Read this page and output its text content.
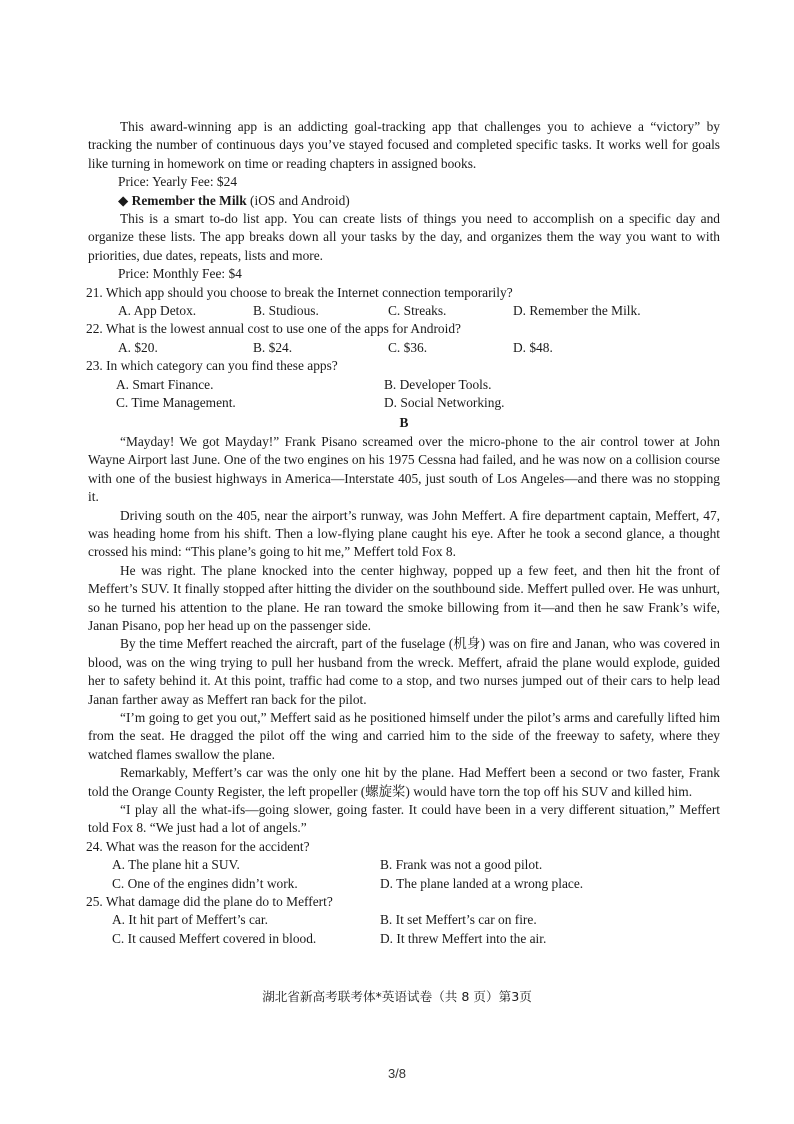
This award-winning app is an addicting goal-tracking app that challenges you to achieve a “victory” by tracking the number of continuous days you’ve stayed focused and completed specific tasks. It works well for goals like turning in homework on time or reading chapters in assigned books.

Price: Yearly Fee: $24

◆ Remember the Milk (iOS and Android)

This is a smart to-do list app. You can create lists of things you need to accomplish on a specific day and organize these lists. The app breaks down all your tasks by the day, and organizes them the way you want to with priorities, due dates, repeats, lists and more.

Price: Monthly Fee: $4

21. Which app should you choose to break the Internet connection temporarily?

A. App Detox.	B. Studious.	C. Streaks.	D. Remember the Milk.

22. What is the lowest annual cost to use one of the apps for Android?

A. $20.	B. $24.	C. $36.	D. $48.

23. In which category can you find these apps?

A. Smart Finance.	B. Developer Tools.
C. Time Management.	D. Social Networking.

B

“Mayday! We got Mayday!” Frank Pisano screamed over the micro-phone to the air control tower at John Wayne Airport last June. One of the two engines on his 1975 Cessna had failed, and he was now on a collision course with one of the busiest highways in America—Interstate 405, just south of Los Angeles—and there was no stopping it.

Driving south on the 405, near the airport’s runway, was John Meffert. A fire department captain, Meffert, 47, was heading home from his shift. Then a low-flying plane caught his eye. After he took a second glance, a thought crossed his mind: “This plane’s going to hit me,” Meffert told Fox 8.

He was right. The plane knocked into the center highway, popped up a few feet, and then hit the front of Meffert’s SUV. It finally stopped after hitting the divider on the southbound side. Meffert pulled over. He was unhurt, so he turned his attention to the plane. He ran toward the smoke billowing from it—and then he saw Frank’s wife, Janan Pisano, pop her head up on the passenger side.

By the time Meffert reached the aircraft, part of the fuselage (机身) was on fire and Janan, who was covered in blood, was on the wing trying to pull her husband from the wreck. Meffert, afraid the plane would explode, guided her to safety behind it. At this point, traffic had come to a stop, and two nurses jumped out of their cars to help lead Janan farther away as Meffert ran back for the pilot.

“I’m going to get you out,” Meffert said as he positioned himself under the pilot’s arms and carefully lifted him from the seat. He dragged the pilot off the wing and carried him to the side of the freeway to safety, where they watched flames swallow the plane.

Remarkably, Meffert’s car was the only one hit by the plane. Had Meffert been a second or two faster, Frank told the Orange County Register, the left propeller (螺旋桨) would have torn the top off his SUV and killed him.

“I play all the what-ifs—going slower, going faster. It could have been in a very different situation,” Meffert told Fox 8. “We just had a lot of angels.”

24. What was the reason for the accident?

A. The plane hit a SUV.	B. Frank was not a good pilot.
C. One of the engines didn’t work.	D. The plane landed at a wrong place.

25. What damage did the plane do to Meffert?

A. It hit part of Meffert’s car.	B. It set Meffert’s car on fire.
C. It caused Meffert covered in blood.	D. It threw Meffert into the air.
湖北省新高考联考体*英语试卷（共 8 页）第3页
3/8
